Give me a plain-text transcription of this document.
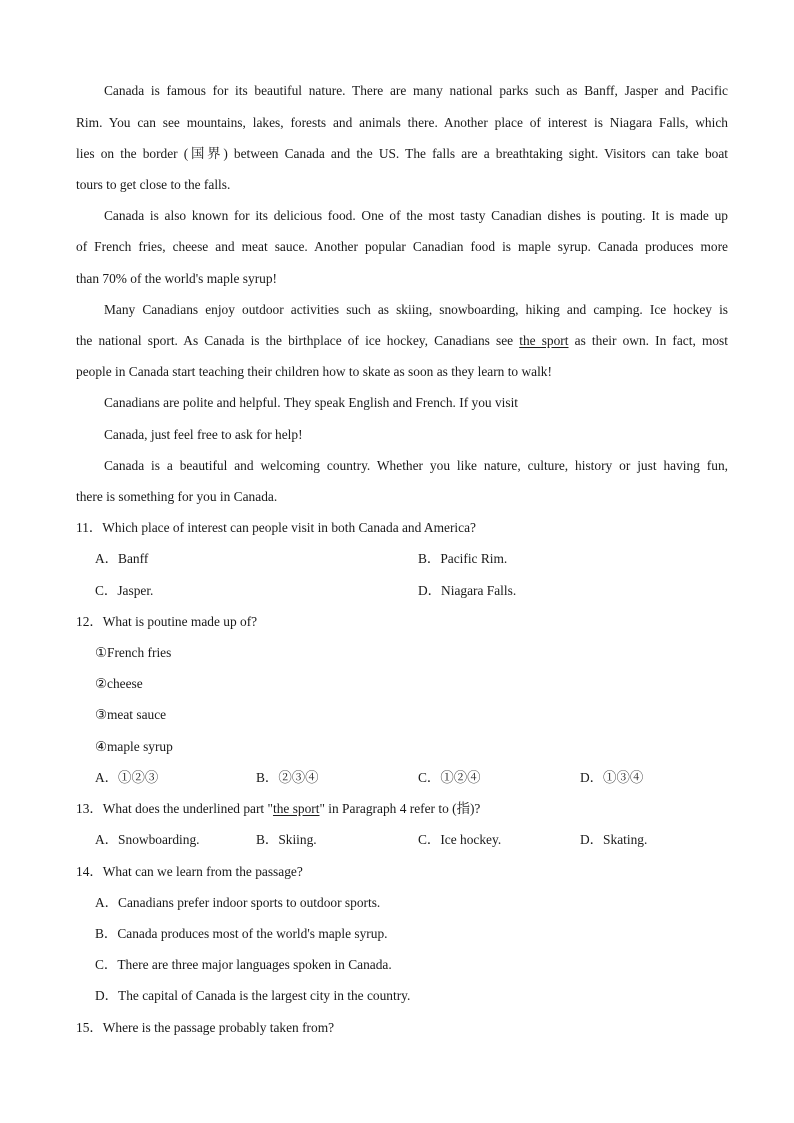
Canada is famous for its beautiful nature. There are many national parks such as Banff, Jasper and Pacific
Rim. You can see mountains, lakes, forests and animals there. Another place of interest is Niagara Falls, which
lies on the border (国界) between Canada and the US. The falls are a breathtaking sight. Visitors can take boat
tours to get close to the falls.
Canada is also known for its delicious food. One of the most tasty Canadian dishes is pouting. It is made up
of French fries, cheese and meat sauce. Another popular Canadian food is maple syrup. Canada produces more
than 70% of the world's maple syrup!
Many Canadians enjoy outdoor activities such as skiing, snowboarding, hiking and camping. Ice hockey is
the national sport. As Canada is the birthplace of ice hockey, Canadians see the sport as their own. In fact, most
people in Canada start teaching their children how to skate as soon as they learn to walk!
Canadians are polite and helpful. They speak English and French. If you visit
Canada, just feel free to ask for help!
Canada is a beautiful and welcoming country. Whether you like nature, culture, history or just having fun,
there is something for you in Canada.
11．Which place of interest can people visit in both Canada and America?
A．Banff	B．Pacific Rim.
C．Jasper.	D．Niagara Falls.
12．What is poutine made up of?
①French fries
②cheese
③meat sauce
④maple syrup
A．①②③	B．②③④	C．①②④	D．①③④
13．What does the underlined part "the sport" in Paragraph 4 refer to (指)?
A．Snowboarding.	B．Skiing.	C．Ice hockey.	D．Skating.
14．What can we learn from the passage?
A．Canadians prefer indoor sports to outdoor sports.
B．Canada produces most of the world's maple syrup.
C．There are three major languages spoken in Canada.
D．The capital of Canada is the largest city in the country.
15．Where is the passage probably taken from?
